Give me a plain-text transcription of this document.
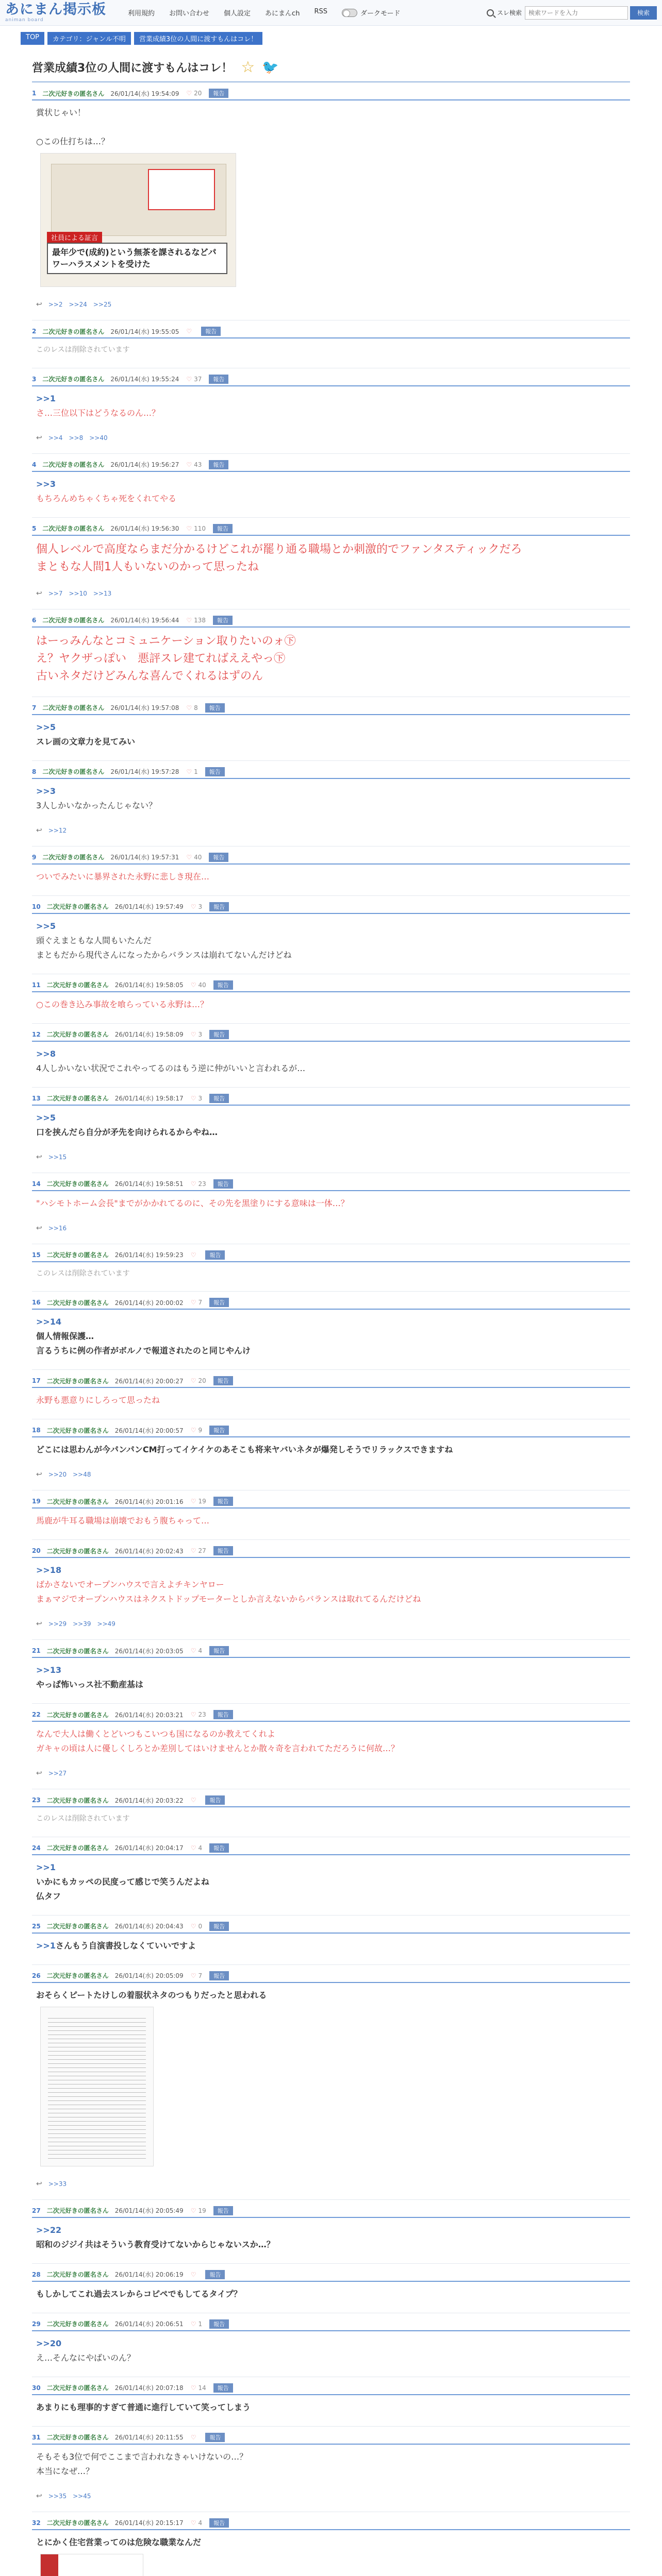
あにまん掲示板
animan board
利用規約	お問い合わせ	個人設定	あにまんch	RSS	ダークモード	スレ検索
検索ワードを入力	検索
TOP	カテゴリ：ジャンル不明	営業成績3位の人間に渡すもんはコレ！
営業成績3位の人間に渡すもんはコレ！ ☆ 🐦
1 二次元好きの匿名さん 26/01/14(水) 19:54:09 ♡ 20	報告
賞状じゃい！

○この仕打ちは…？
社員による証言
最年少で(成約)という無茶を課されるなどパワーハラスメントを受けた
↩ >>2 >>24 >>25
2 二次元好きの匿名さん 26/01/14(水) 19:55:05 ♡	報告
このレスは削除されています
3 二次元好きの匿名さん 26/01/14(水) 19:55:24 ♡ 37	報告
>>1
さ…三位以下はどうなるのん…？
↩ >>4 >>8 >>40
4 二次元好きの匿名さん 26/01/14(水) 19:56:27 ♡ 43	報告
>>3
もちろんめちゃくちゃ死をくれてやる
5 二次元好きの匿名さん 26/01/14(水) 19:56:30 ♡ 110	報告
個人レベルで高度ならまだ分かるけどこれが罷り通る職場とか刺激的でファンタスティックだろ
まともな人間1人もいないのかって思ったね
↩ >>7 >>10 >>13
6 二次元好きの匿名さん 26/01/14(水) 19:56:44 ♡ 138	報告
はーっみんなとコミュニケーション取りたいのォ㊦
え？ヤクザっぽい　悪評スレ建てればええやっ㊦
古いネタだけどみんな喜んでくれるはずのん
7 二次元好きの匿名さん 26/01/14(水) 19:57:08 ♡ 8	報告
>>5
スレ画の文章力を見てみい
8 二次元好きの匿名さん 26/01/14(水) 19:57:28 ♡ 1	報告
>>3
3人しかいなかったんじゃない？
↩ >>12
9 二次元好きの匿名さん 26/01/14(水) 19:57:31 ♡ 40	報告
ついでみたいに暴界された永野に悲しき現在…
10 二次元好きの匿名さん 26/01/14(水) 19:57:49 ♡ 3	報告
>>5
頭ぐえまともな人間もいたんだ
まともだから現代さんになったからバランスは崩れてないんだけどね
11 二次元好きの匿名さん 26/01/14(水) 19:58:05 ♡ 40	報告
○この巻き込み事故を喰らっている永野は…？
12 二次元好きの匿名さん 26/01/14(水) 19:58:09 ♡ 3	報告
>>8
4人しかいない状況でこれやってるのはもう逆に仲がいいと言われるが…
13 二次元好きの匿名さん 26/01/14(水) 19:58:17 ♡ 3	報告
>>5
口を挟んだら自分が矛先を向けられるからやね…
↩ >>15
14 二次元好きの匿名さん 26/01/14(水) 19:58:51 ♡ 23	報告
"ハシモトホーム会長"までがかかれてるのに、その先を黒塗りにする意味は一体…？
↩ >>16
15 二次元好きの匿名さん 26/01/14(水) 19:59:23 ♡	報告
このレスは削除されています
16 二次元好きの匿名さん 26/01/14(水) 20:00:02 ♡ 7	報告
>>14
個人情報保護…
言るうちに例の作者がボルノで報道されたのと同じやんけ
17 二次元好きの匿名さん 26/01/14(水) 20:00:27 ♡ 20	報告
永野も悪意りにしろって思ったね
18 二次元好きの匿名さん 26/01/14(水) 20:00:57 ♡ 9	報告
どこには思わんが今パンパンCM打ってイケイケのあそこも将来ヤバいネタが爆発しそうでリラックスできますね
↩ >>20 >>48
19 二次元好きの匿名さん 26/01/14(水) 20:01:16 ♡ 19	報告
馬鹿が牛耳る職場は崩壊でおもう腹ちゃって…
20 二次元好きの匿名さん 26/01/14(水) 20:02:43 ♡ 27	報告
>>18
ばかさないでオープンハウスで言えよチキンヤロー
まぁマジでオープンハウスはネクストドップモーターとしか言えないからバランスは取れてるんだけどね
↩ >>29 >>39 >>49
21 二次元好きの匿名さん 26/01/14(水) 20:03:05 ♡ 4	報告
>>13
やっぱ怖いっス社不動産基は
22 二次元好きの匿名さん 26/01/14(水) 20:03:21 ♡ 23	報告
なんで大人は働くとどいつもこいつも国になるのか教えてくれよ
ガキャの頃は人に優しくしろとか差別してはいけませんとか散々奇を言われてただろうに何故…？
↩ >>27
23 二次元好きの匿名さん 26/01/14(水) 20:03:22 ♡	報告
このレスは削除されています
24 二次元好きの匿名さん 26/01/14(水) 20:04:17 ♡ 4	報告
>>1
いかにもカッペの民度って感じで笑うんだよね
仏タフ
25 二次元好きの匿名さん 26/01/14(水) 20:04:43 ♡ 0	報告
>>1さんもう自演書投しなくていいですよ
26 二次元好きの匿名さん 26/01/14(水) 20:05:09 ♡ 7	報告
おそらくピートたけしの着服状ネタのつもりだったと思われる
↩ >>33
27 二次元好きの匿名さん 26/01/14(水) 20:05:49 ♡ 19	報告
>>22
昭和のジジイ共はそういう教育受けてないからじゃないスか…？
28 二次元好きの匿名さん 26/01/14(水) 20:06:19 ♡	報告
もしかしてこれ過去スレからコピペでもしてるタイプ？
29 二次元好きの匿名さん 26/01/14(水) 20:06:51 ♡ 1	報告
>>20
え…そんなにやばいのん？
30 二次元好きの匿名さん 26/01/14(水) 20:07:18 ♡ 14	報告
あまりにも理事的すぎて普通に進行していて笑ってしまう
31 二次元好きの匿名さん 26/01/14(水) 20:11:55 ♡	報告
そもそも3位で何でここまで言われなきゃいけないの…？
本当になぜ…？
↩ >>35 >>45
32 二次元好きの匿名さん 26/01/14(水) 20:15:17 ♡ 4	報告
とにかく住宅営業ってのは危険な職業なんだ
